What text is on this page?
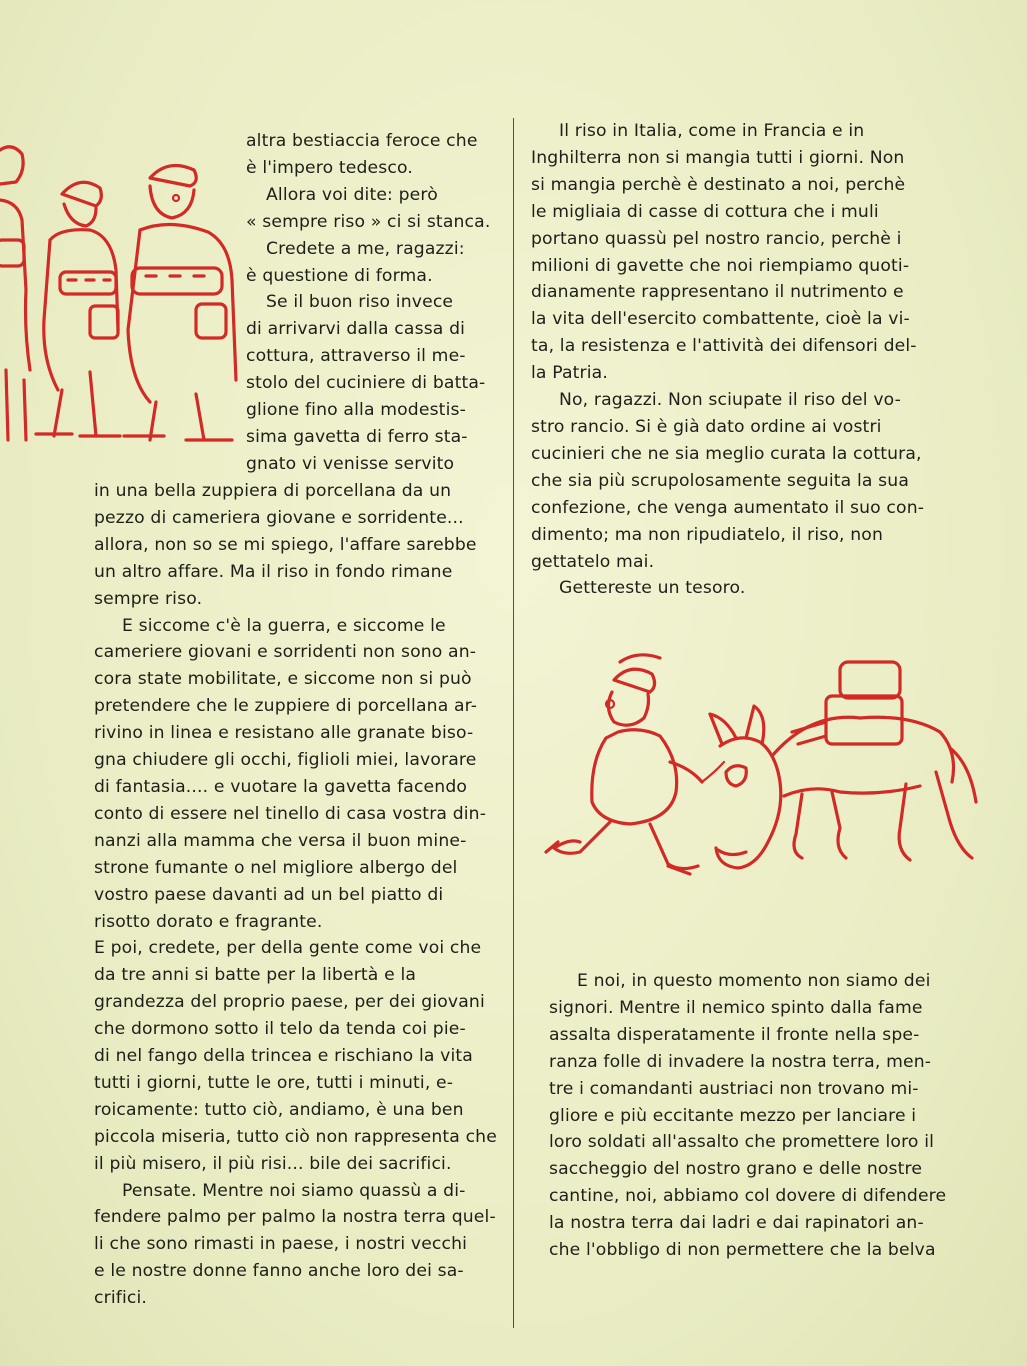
altra bestiaccia feroce che
è l'impero tedesco.
Allora voi dite: però
« sempre riso » ci si stanca.
Credete a me, ragazzi:
è questione di forma.
Se il buon riso invece
di arrivarvi dalla cassa di
cottura, attraverso il me-
stolo del cuciniere di batta-
glione fino alla modestis-
sima gavetta di ferro sta-
gnato vi venisse servito
in una bella zuppiera di porcellana da un
pezzo di cameriera giovane e sorridente...
allora, non so se mi spiego, l'affare sarebbe
un altro affare. Ma il riso in fondo rimane
sempre riso.
E siccome c'è la guerra, e siccome le
cameriere giovani e sorridenti non sono an-
cora state mobilitate, e siccome non si può
pretendere che le zuppiere di porcellana ar-
rivino in linea e resistano alle granate biso-
gna chiudere gli occhi, figlioli miei, lavorare
di fantasia.... e vuotare la gavetta facendo
conto di essere nel tinello di casa vostra din-
nanzi alla mamma che versa il buon mine-
strone fumante o nel migliore albergo del
vostro paese davanti ad un bel piatto di
risotto dorato e fragrante.
E poi, credete, per della gente come voi che
da tre anni si batte per la libertà e la
grandezza del proprio paese, per dei giovani
che dormono sotto il telo da tenda coi pie-
di nel fango della trincea e rischiano la vita
tutti i giorni, tutte le ore, tutti i minuti, e-
roicamente: tutto ciò, andiamo, è una ben
piccola miseria, tutto ciò non rappresenta che
il più misero, il più risi... bile dei sacrifici.
Pensate. Mentre noi siamo quassù a di-
fendere palmo per palmo la nostra terra quel-
li che sono rimasti in paese, i nostri vecchi
e le nostre donne fanno anche loro dei sa-
crifici.
Il riso in Italia, come in Francia e in
Inghilterra non si mangia tutti i giorni. Non
si mangia perchè è destinato a noi, perchè
le migliaia di casse di cottura che i muli
portano quassù pel nostro rancio, perchè i
milioni di gavette che noi riempiamo quoti-
dianamente rappresentano il nutrimento e
la vita dell'esercito combattente, cioè la vi-
ta, la resistenza e l'attività dei difensori del-
la Patria.
No, ragazzi. Non sciupate il riso del vo-
stro rancio. Si è già dato ordine ai vostri
cucinieri che ne sia meglio curata la cottura,
che sia più scrupolosamente seguita la sua
confezione, che venga aumentato il suo con-
dimento; ma non ripudiatelo, il riso, non
gettatelo mai.
Gettereste un tesoro.
E noi, in questo momento non siamo dei
signori. Mentre il nemico spinto dalla fame
assalta disperatamente il fronte nella spe-
ranza folle di invadere la nostra terra, men-
tre i comandanti austriaci non trovano mi-
gliore e più eccitante mezzo per lanciare i
loro soldati all'assalto che promettere loro il
saccheggio del nostro grano e delle nostre
cantine, noi, abbiamo col dovere di difendere
la nostra terra dai ladri e dai rapinatori an-
che l'obbligo di non permettere che la belva
